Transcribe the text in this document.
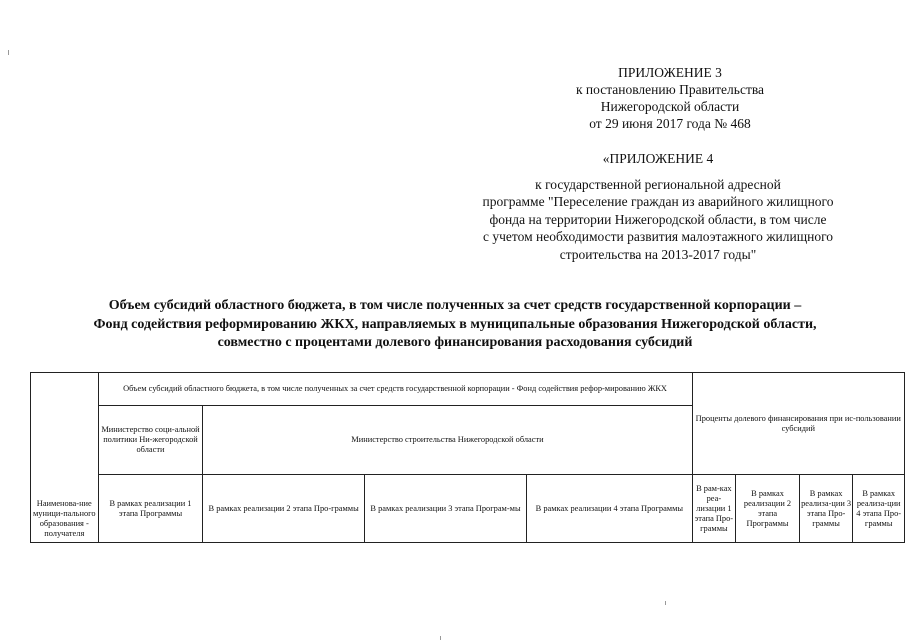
ПРИЛОЖЕНИЕ 3
к постановлению Правительства
Нижегородской области
от 29 июня 2017 года № 468
«ПРИЛОЖЕНИЕ 4
к государственной региональной адресной
программе "Переселение граждан из аварийного жилищного
фонда на территории Нижегородской области, в том числе
с учетом необходимости развития малоэтажного жилищного
строительства на 2013-2017 годы"
Объем субсидий областного бюджета, в том числе полученных за счет средств государственной корпорации –
Фонд содействия реформированию ЖКХ, направляемых в муниципальные образования Нижегородской области,
совместно с процентами долевого финансирования расходования субсидий
Наименова-ние муници-пального образования - получателя	Объем субсидий областного бюджета, в том числе полученных за счет средств государственной корпорации - Фонд содействия рефор-мированию ЖКХ				Проценты долевого финансирования при ис-пользовании субсидий			
	Министерство соци-альной политики Ни-жегородской области	Министерство строительства Нижегородской области						
	В рамках реализации 1 этапа Программы	В рамках реализации 2 этапа Про-граммы	В рамках реализации 3 этапа Програм-мы	В рамках реализации 4 этапа Программы	В рам-ках реа-лизации 1 этапа Про-граммы	В рамках реализации 2 этапа Программы	В рамках реализа-ции 3 этапа Про-граммы	В рамках реализа-ции 4 этапа Про-граммы
